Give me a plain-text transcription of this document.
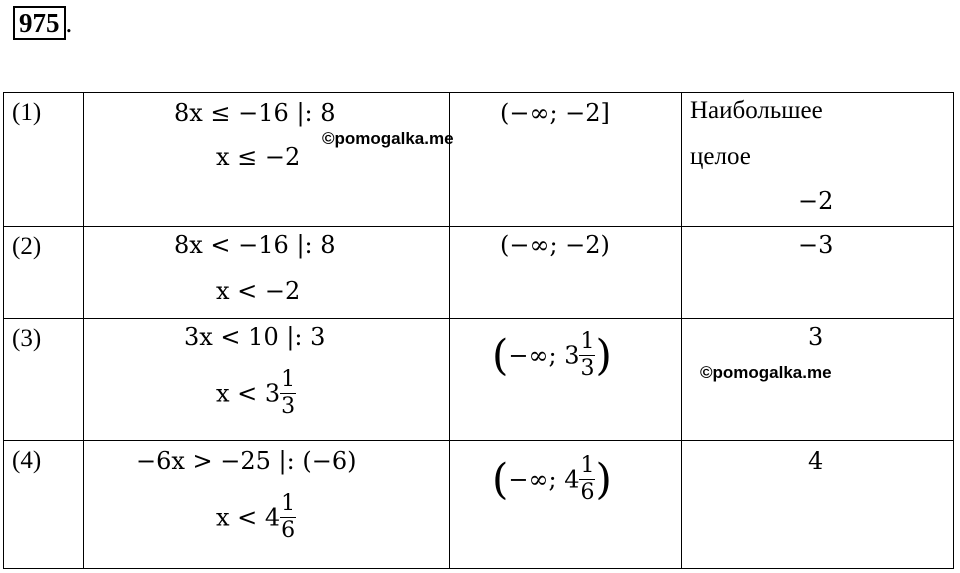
975 .
(1)	8x ≤ −16 |: 8
x ≤ −2
©pomogalka.me	(−∞; −2]	Наибольшее
целое
−2

(2)	8x < −16 |: 8
x < −2	(−∞; −2)	−3

(3)	3x < 10 |: 3
$x < 3 \frac{1}{3}$	(−∞; $3 \frac{1}{3}$ )	3
©pomogalka.me

(4)	−6x > −25 |: (−6)
$x < 4 \frac{1}{6}$	(−∞; $4 \frac{1}{6}$ )	4
